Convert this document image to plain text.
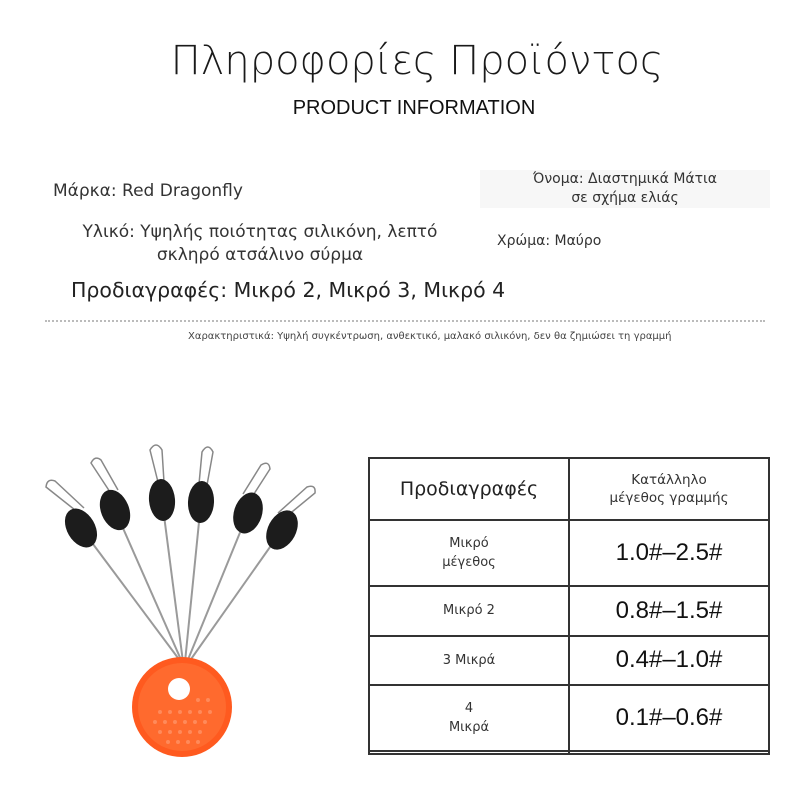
Πληροφορίες Προϊόντος
PRODUCT INFORMATION
Μάρκα: Red Dragonfly
Όνομα: Διαστημικά Μάτια
σε σχήμα ελιάς
Υλικό: Υψηλής ποιότητας σιλικόνη, λεπτό
σκληρό ατσάλινο σύρμα
Χρώμα: Μαύρο
Προδιαγραφές: Μικρό 2, Μικρό 3, Μικρό 4
Χαρακτηριστικά: Υψηλή συγκέντρωση, ανθεκτικό, μαλακό σιλικόνη, δεν θα ζημιώσει τη γραμμή
Προδιαγραφές	Κατάλληλο
μέγεθος γραμμής

Μικρό
μέγεθος	1.0#–2.5#

Μικρό 2	0.8#–1.5#

3 Μικρά	0.4#–1.0#

4
Μικρά	0.1#–0.6#
